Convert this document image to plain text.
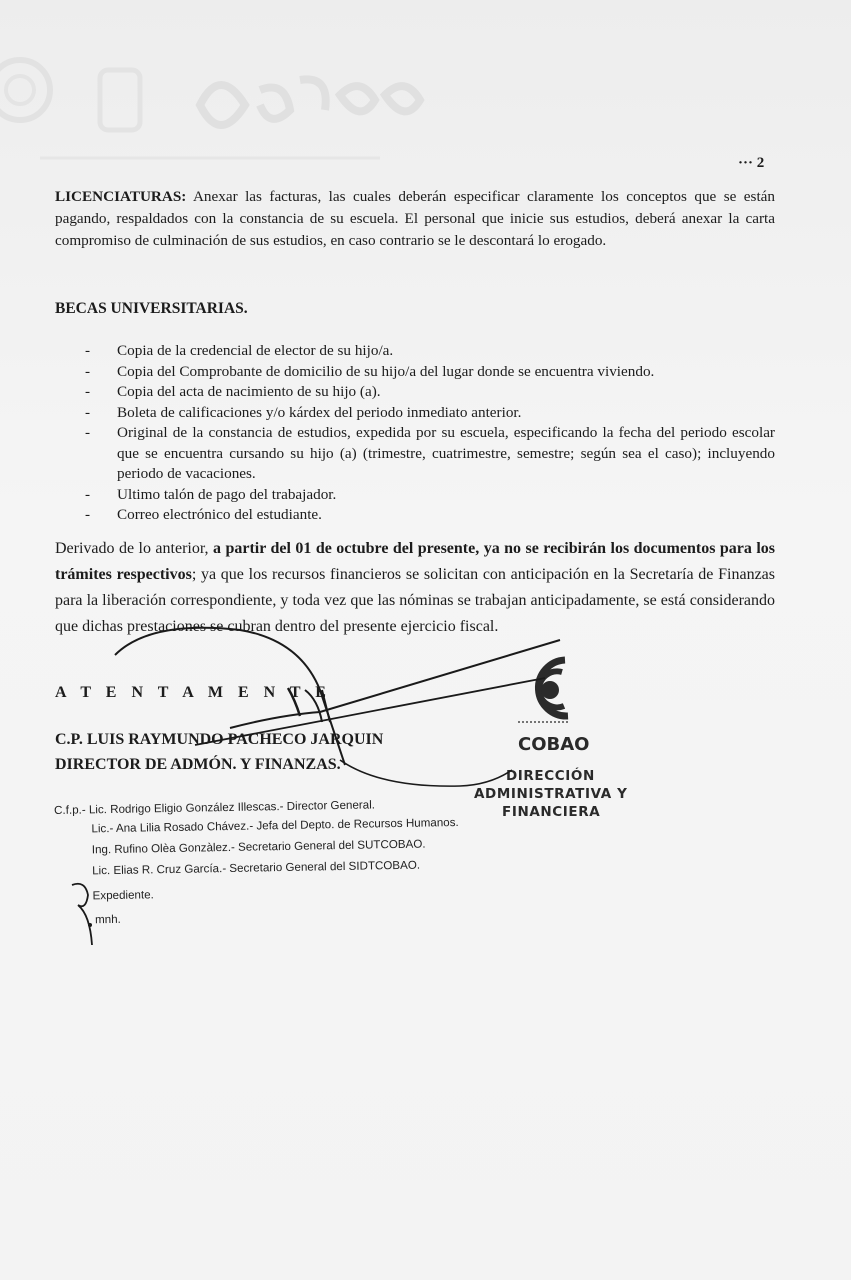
··· 2
LICENCIATURAS: Anexar las facturas, las cuales deberán especificar claramente los conceptos que se están pagando, respaldados con la constancia de su escuela. El personal que inicie sus estudios, deberá anexar la carta compromiso de culminación de sus estudios, en caso contrario se le descontará lo erogado.
BECAS UNIVERSITARIAS.
- Copia de la credencial de elector de su hijo/a.
- Copia del Comprobante de domicilio de su hijo/a del lugar donde se encuentra viviendo.
- Copia del acta de nacimiento de su hijo (a).
- Boleta de calificaciones y/o kárdex del periodo inmediato anterior.
- Original de la constancia de estudios, expedida por su escuela, especificando la fecha del periodo escolar que se encuentra cursando su hijo (a) (trimestre, cuatrimestre, semestre; según sea el caso); incluyendo periodo de vacaciones.
- Ultimo talón de pago del trabajador.
- Correo electrónico del estudiante.
Derivado de lo anterior, a partir del 01 de octubre del presente, ya no se recibirán los documentos para los trámites respectivos; ya que los recursos financieros se solicitan con anticipación en la Secretaría de Finanzas para la liberación correspondiente, y toda vez que las nóminas se trabajan anticipadamente, se está considerando que dichas prestaciones se cubran dentro del presente ejercicio fiscal.
A T E N T A M E N T E
C.P. LUIS RAYMUNDO PACHECO JARQUIN
DIRECTOR DE ADMÓN. Y FINANZAS.
COBAO
DIRECCIÓN
ADMINISTRATIVA Y
FINANCIERA
C.f.p.- Lic. Rodrigo Eligio González Illescas.- Director General.
Lic.- Ana Lilia Rosado Chávez.- Jefa del Depto. de Recursos Humanos.
Ing. Rufino Olèa Gonzàlez.- Secretario General del SUTCOBAO.
Lic. Elias R. Cruz García.- Secretario General del SIDTCOBAO.
Expediente.
mnh.
